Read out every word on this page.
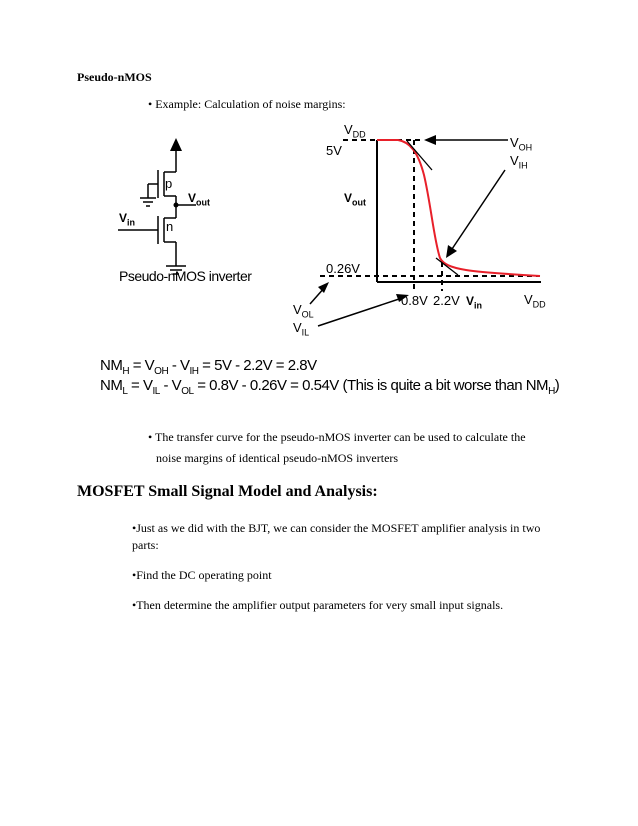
Pseudo-nMOS
• Example: Calculation of noise margins:
p
$V_{out}$
$V_{in}$ n
Pseudo-nMOS inverter
$V_{DD}$
5V
$V_{out}$
0.26V
$V_{OH}$
$V_{IH}$
$V_{OL}$
$V_{IL}$
0.8V 2.2V $V_{in}$	$V_{DD}$
$NM_H = V_{OH} - V_{IH} = 5V - 2.2V = 2.8V$
$NM_L = V_{IL} - V_{OL} = 0.8V - 0.26V = 0.54V$ (This is quite a bit worse than $NM_H$)
• The transfer curve for the pseudo-nMOS inverter can be used to calculate the
noise margins of identical pseudo-nMOS inverters
MOSFET Small Signal Model and Analysis:
•Just as we did with the BJT, we can consider the MOSFET amplifier analysis in two parts:
•Find the DC operating point
•Then determine the amplifier output parameters for very small input signals.
